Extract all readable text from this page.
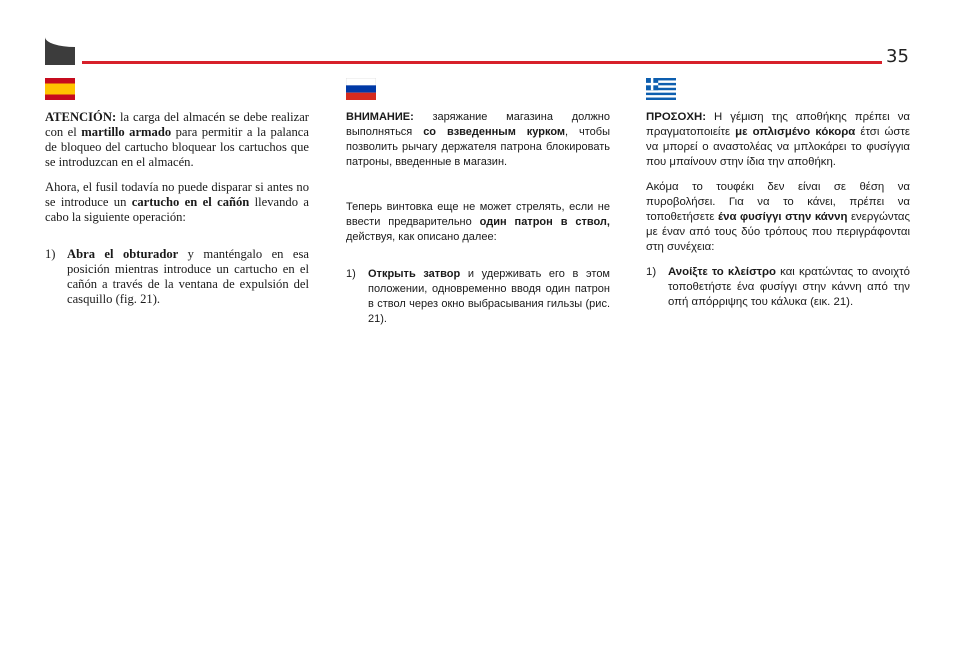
35

ATENCIÓN: la carga del almacén se debe realizar con el martillo armado para permitir a la palanca de bloqueo del cartucho bloquear los cartuchos que se introduzcan en el almacén.

Ahora, el fusil todavía no puede disparar si antes no se introduce un cartucho en el cañón llevando a cabo la siguiente operación:

1) Abra el obturador y manténgalo en esa posición mientras introduce un cartucho en el cañón a través de la ventana de expulsión del casquillo (fig. 21).

ВНИМАНИЕ: заряжание магазина должно выполняться со взведенным курком, чтобы позволить рычагу держателя патрона блокировать патроны, введенные в магазин.

Теперь винтовка еще не может стрелять, если не ввести предварительно один патрон в ствол, действуя, как описано далее:

1)	Открыть затвор и удерживать его в этом положении, одновременно вводя один патрон в ствол через окно выбрасывания гильзы (рис. 21).

ΠΡΟΣΟΧΗ: Η γέμιση της αποθήκης πρέπει να πραγματοποιείτε με οπλισμένο κόκορα έτσι ώστε να μπορεί ο αναστολέας να μπλοκάρει το φυσίγγια που μπαίνουν στην ίδια την αποθήκη.

Ακόμα το τουφέκι δεν είναι σε θέση να πυροβολήσει. Για να το κάνει, πρέπει να τοποθετήσετε ένα φυσίγγι στην κάννη ενεργώντας με έναν από τους δύο τρόπους που περιγράφονται στη συνέχεια:

1)	Ανοίξτε το κλείστρο και κρατώντας το ανοιχτό τοποθετήστε ένα φυσίγγι στην κάννη από την οπή απόρριψης του κάλυκα (εικ. 21).
